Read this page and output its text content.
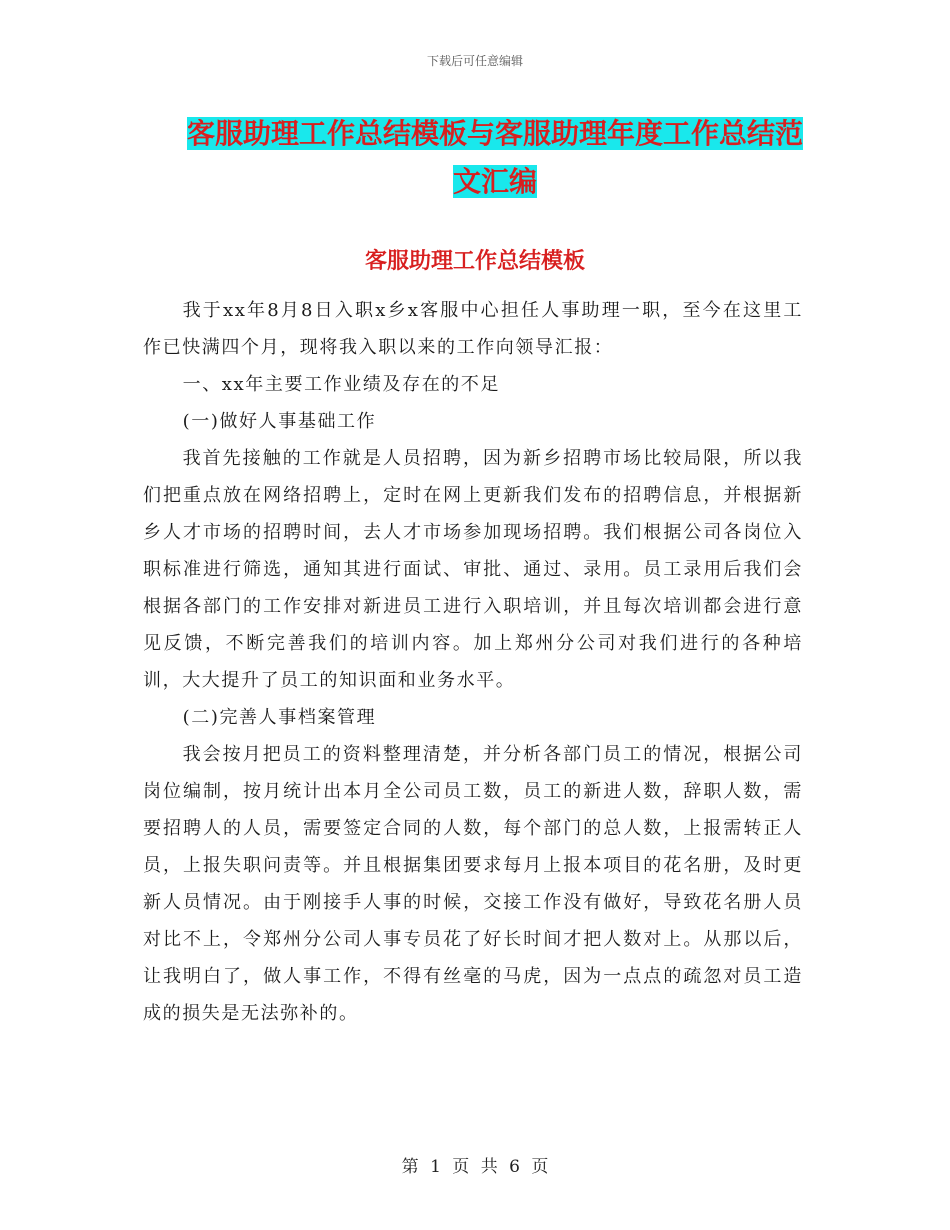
下载后可任意编辑
客服助理工作总结模板与客服助理年度工作总结范文汇编
客服助理工作总结模板

我于xx年8月8日入职x乡x客服中心担任人事助理一职，至今在这里工作已快满四个月，现将我入职以来的工作向领导汇报：

一、xx年主要工作业绩及存在的不足

(一)做好人事基础工作

我首先接触的工作就是人员招聘，因为新乡招聘市场比较局限，所以我们把重点放在网络招聘上，定时在网上更新我们发布的招聘信息，并根据新乡人才市场的招聘时间，去人才市场参加现场招聘。我们根据公司各岗位入职标准进行筛选，通知其进行面试、审批、通过、录用。员工录用后我们会根据各部门的工作安排对新进员工进行入职培训，并且每次培训都会进行意见反馈，不断完善我们的培训内容。加上郑州分公司对我们进行的各种培训，大大提升了员工的知识面和业务水平。

(二)完善人事档案管理

我会按月把员工的资料整理清楚，并分析各部门员工的情况，根据公司岗位编制，按月统计出本月全公司员工数，员工的新进人数，辞职人数，需要招聘人的人员，需要签定合同的人数，每个部门的总人数，上报需转正人员，上报失职问责等。并且根据集团要求每月上报本项目的花名册，及时更新人员情况。由于刚接手人事的时候，交接工作没有做好，导致花名册人员对比不上，令郑州分公司人事专员花了好长时间才把人数对上。从那以后，让我明白了，做人事工作，不得有丝毫的马虎，因为一点点的疏忽对员工造成的损失是无法弥补的。

第 1 页 共 6 页
